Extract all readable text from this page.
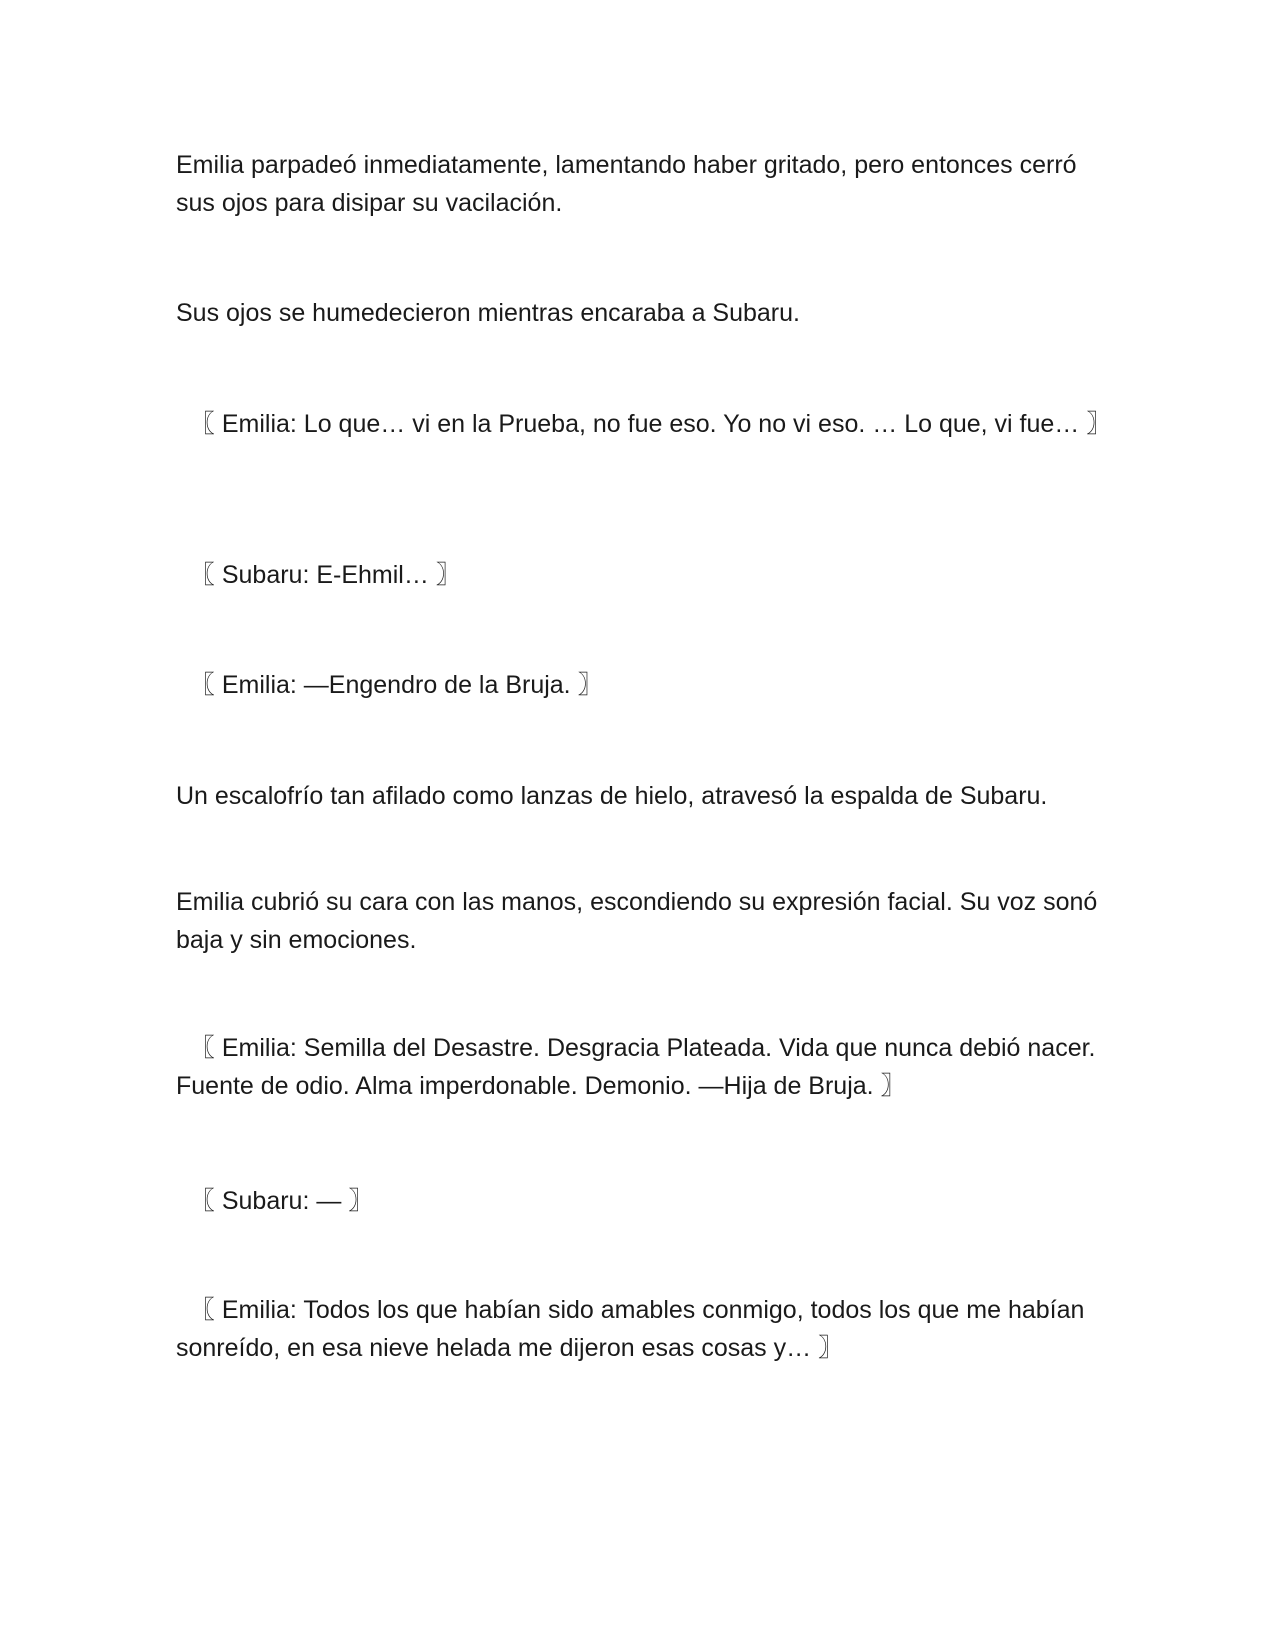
Emilia parpadeó inmediatamente, lamentando haber gritado, pero entonces cerró sus ojos para disipar su vacilación.

Sus ojos se humedecieron mientras encaraba a Subaru.

〖 Emilia: Lo que… vi en la Prueba, no fue eso. Yo no vi eso. … Lo que, vi fue… 〗

〖 Subaru: E-Ehmil… 〗

〖 Emilia: —Engendro de la Bruja. 〗

Un escalofrío tan afilado como lanzas de hielo, atravesó la espalda de Subaru.

Emilia cubrió su cara con las manos, escondiendo su expresión facial. Su voz sonó baja y sin emociones.

〖 Emilia: Semilla del Desastre. Desgracia Plateada. Vida que nunca debió nacer. Fuente de odio. Alma imperdonable. Demonio. —Hija de Bruja. 〗

〖 Subaru: — 〗

〖 Emilia: Todos los que habían sido amables conmigo, todos los que me habían sonreído, en esa nieve helada me dijeron esas cosas y… 〗
